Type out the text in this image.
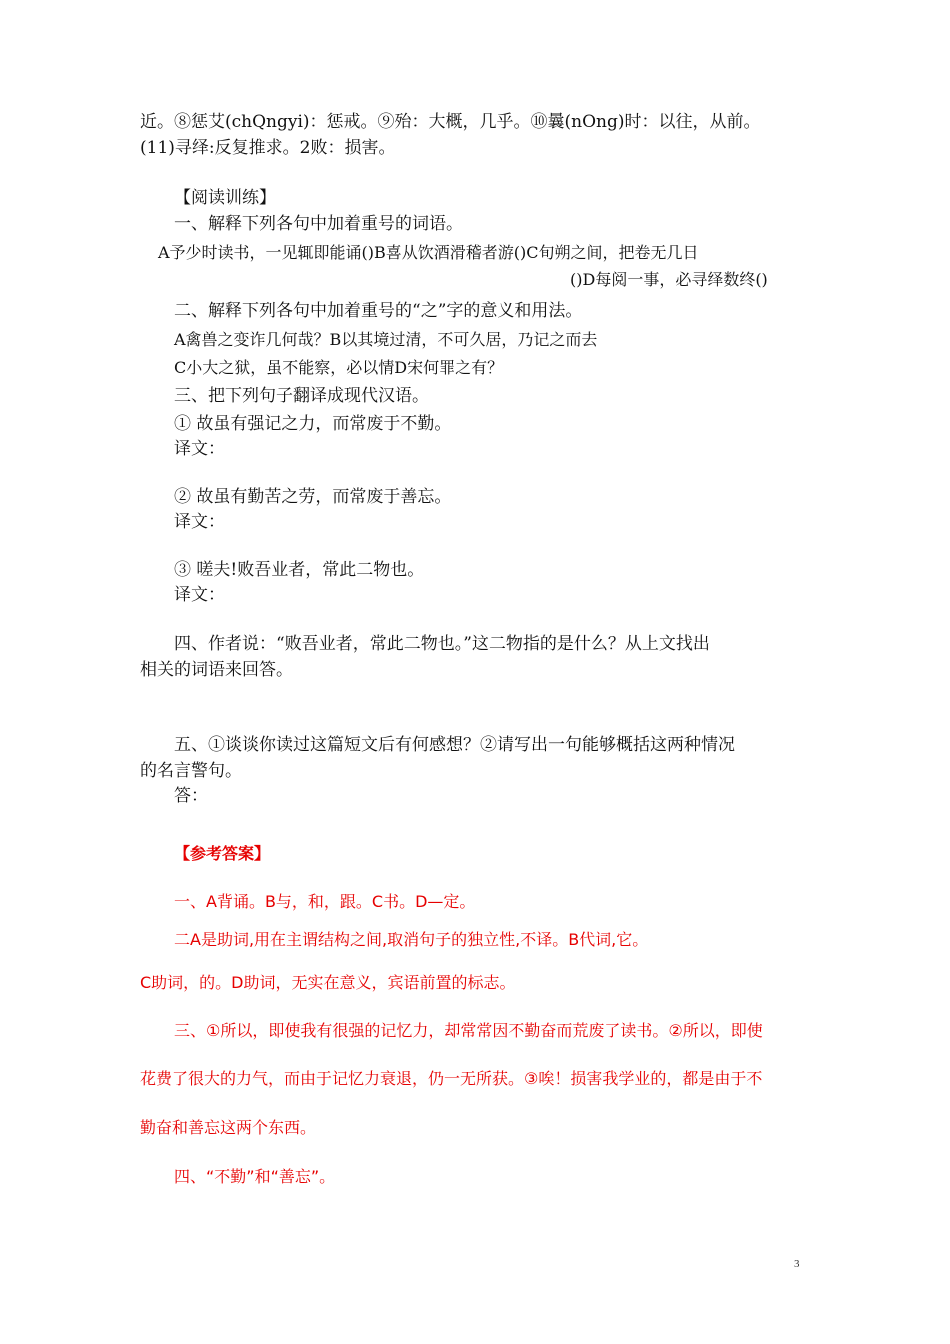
近。⑧惩艾(chQngyi)：惩戒。⑨殆：大概，几乎。⑩曩(nOng)时：以往，从前。
(11)寻绎:反复推求。2败：损害。
【阅读训练】
一、解释下列各句中加着重号的词语。
A予少时读书，一见辄即能诵()B喜从饮酒滑稽者游()C旬朔之间，把卷无几日
()D每阅一事，必寻绎数终()
二、解释下列各句中加着重号的“之”字的意义和用法。
A禽兽之变诈几何哉？B以其境过清，不可久居，乃记之而去
C小大之狱，虽不能察，必以情D宋何罪之有？
三、把下列句子翻译成现代汉语。
① 故虽有强记之力，而常废于不勤。
译文：
② 故虽有勤苦之劳，而常废于善忘。
译文：
③ 嗟夫!败吾业者，常此二物也。
译文：
四、作者说：“败吾业者，常此二物也。”这二物指的是什么？从上文找出
相关的词语来回答。
五、①谈谈你读过这篇短文后有何感想？②请写出一句能够概括这两种情况
的名言警句。
答：
【参考答案】
一、A背诵。B与，和，跟。C书。D—定。
二A是助词,用在主谓结构之间,取消句子的独立性,不译。B代词,它。
C助词，的。D助词，无实在意义，宾语前置的标志。
三、①所以，即使我有很强的记忆力，却常常因不勤奋而荒废了读书。②所以，即使
花费了很大的力气，而由于记忆力衰退，仍一无所获。③唉！损害我学业的，都是由于不
勤奋和善忘这两个东西。
四、“不勤”和“善忘”。
3
